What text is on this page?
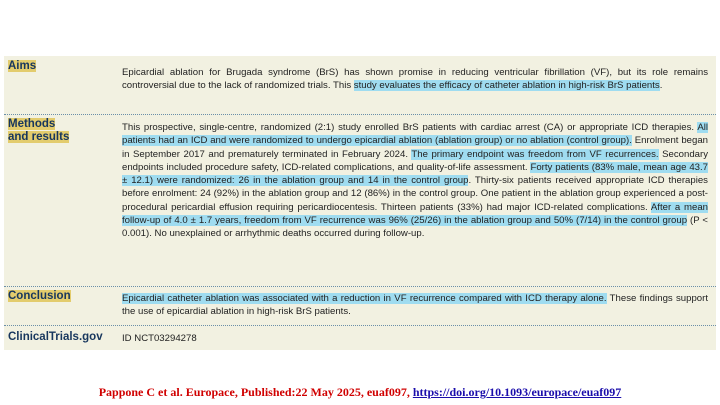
Aims
Epicardial ablation for Brugada syndrome (BrS) has shown promise in reducing ventricular fibrillation (VF), but its role remains controversial due to the lack of randomized trials. This study evaluates the efficacy of catheter ablation in high-risk BrS patients.
Methods
and results
This prospective, single-centre, randomized (2:1) study enrolled BrS patients with cardiac arrest (CA) or appropriate ICD therapies. All patients had an ICD and were randomized to undergo epicardial ablation (ablation group) or no ablation (control group). Enrolment began in September 2017 and prematurely terminated in February 2024. The primary endpoint was freedom from VF recurrences. Secondary endpoints included procedure safety, ICD-related complications, and quality-of-life assessment. Forty patients (83% male, mean age 43.7 ± 12.1) were randomized: 26 in the ablation group and 14 in the control group. Thirty-six patients received appropriate ICD therapies before enrolment: 24 (92%) in the ablation group and 12 (86%) in the control group. One patient in the ablation group experienced a post-procedural pericardial effusion requiring pericardiocentesis. Thirteen patients (33%) had major ICD-related complications. After a mean follow-up of 4.0 ± 1.7 years, freedom from VF recurrence was 96% (25/26) in the ablation group and 50% (7/14) in the control group (P < 0.001). No unexplained or arrhythmic deaths occurred during follow-up.
Conclusion	Epicardial catheter ablation was associated with a reduction in VF recurrence compared with ICD therapy alone. These findings support the use of epicardial ablation in high-risk BrS patients.
ClinicalTrials.gov ID NCT03294278
Pappone C et al. Europace, Published:22 May 2025, euaf097, https://doi.org/10.1093/europace/euaf097
